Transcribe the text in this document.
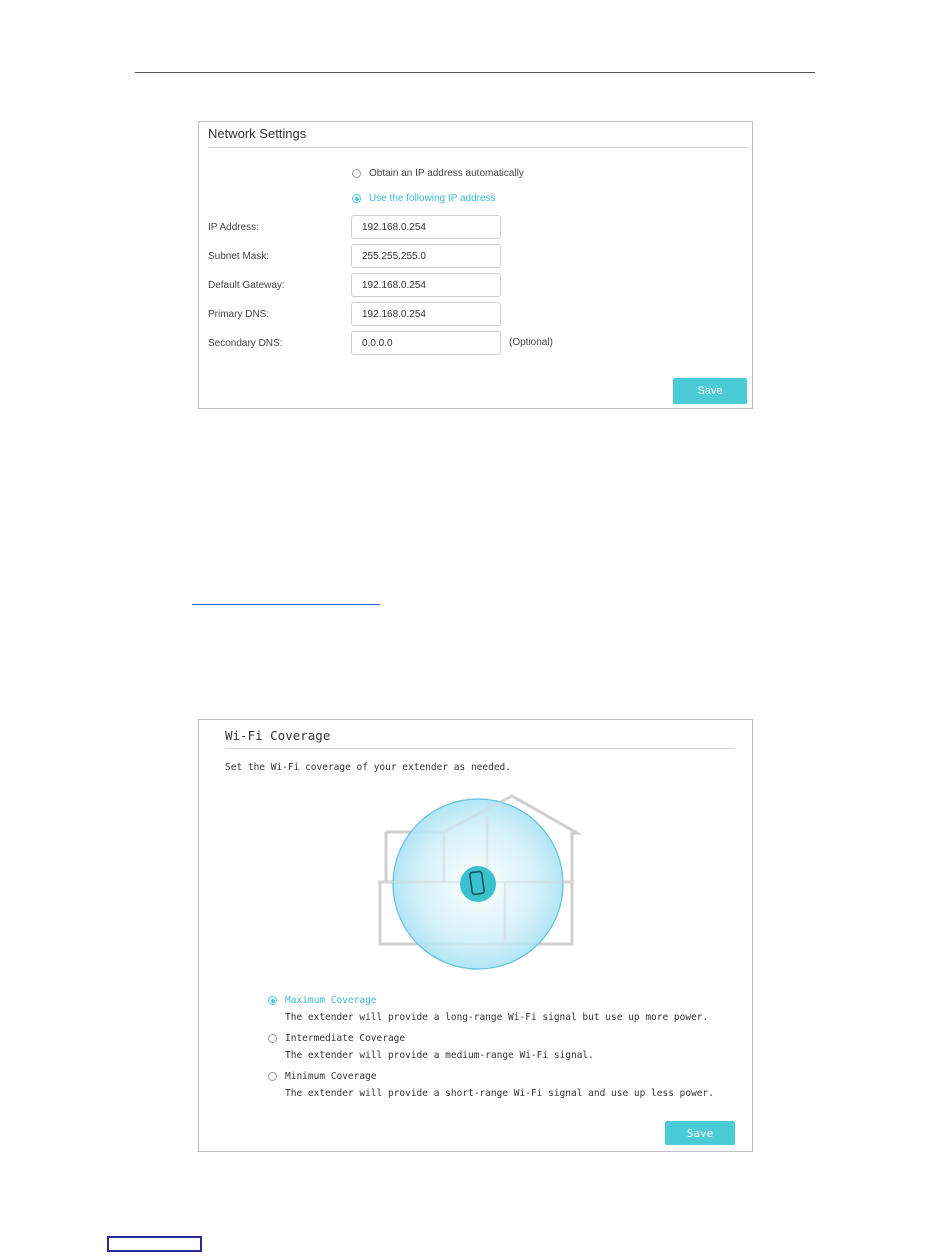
Network Settings
Obtain an IP address automatically
Use the following IP address
IP Address:
192.168.0.254
Subnet Mask:
255.255.255.0
Default Gateway:
192.168.0.254
Primary DNS:
192.168.0.254
Secondary DNS:
0.0.0.0	(Optional)
Save
Wi-Fi Coverage
Set the Wi-Fi coverage of your extender as needed.
Maximum Coverage
The extender will provide a long-range Wi-Fi signal but use up more power.
Intermediate Coverage
The extender will provide a medium-range Wi-Fi signal.
Minimum Coverage
The extender will provide a short-range Wi-Fi signal and use up less power.
Save
